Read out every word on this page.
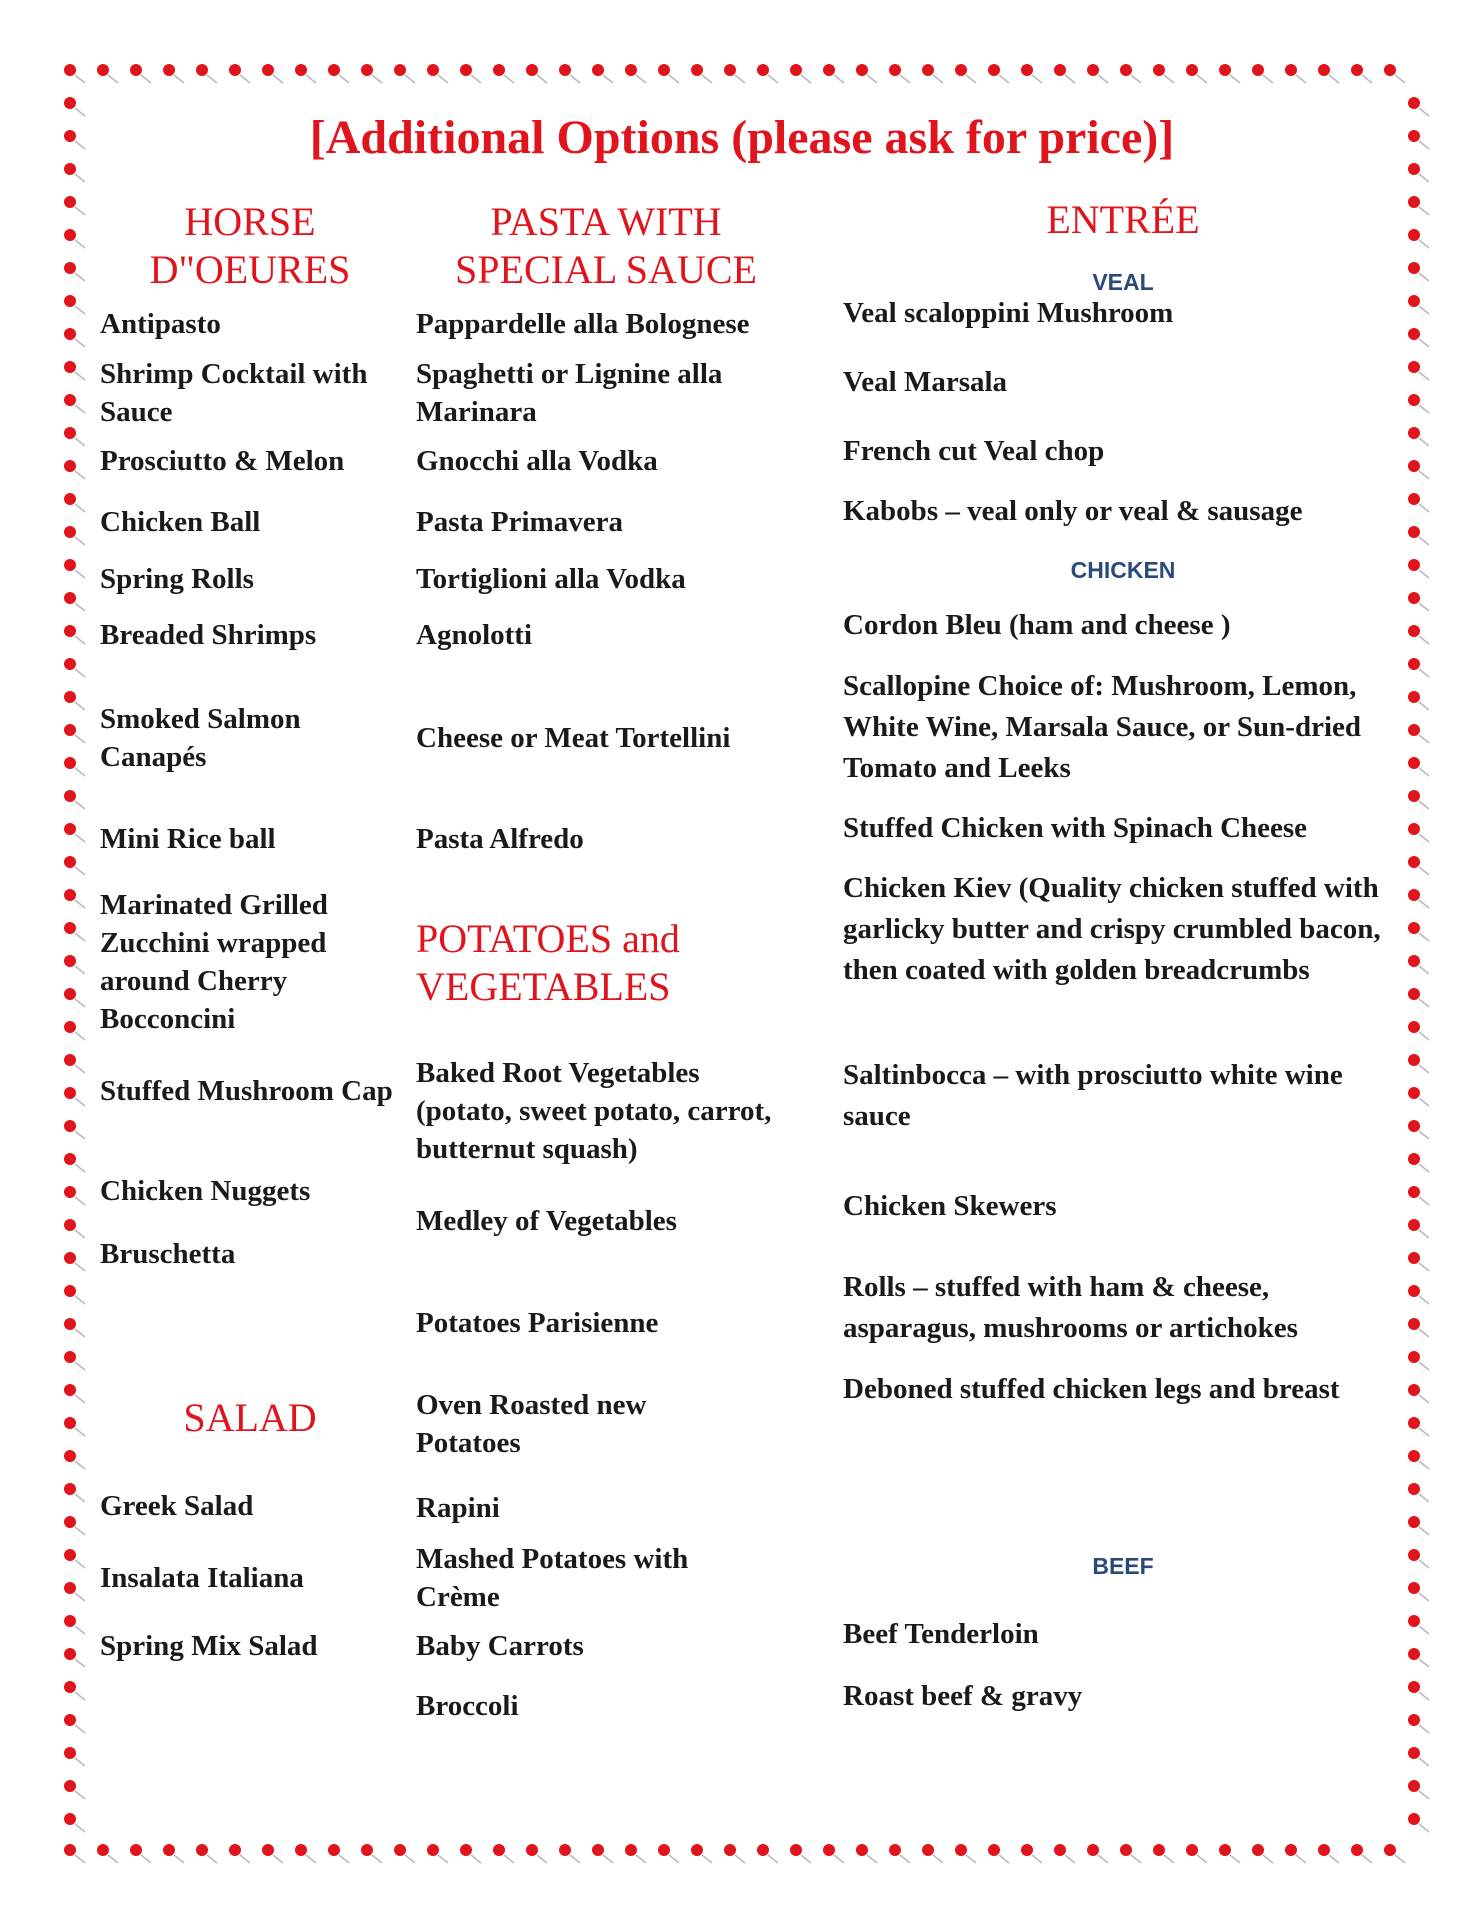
[Additional Options (please ask for price)]
HORSE D"OEURES

Antipasto

Shrimp Cocktail with Sauce

Prosciutto & Melon

Chicken Ball

Spring Rolls

Breaded Shrimps

Smoked Salmon Canapés

Mini Rice ball

Marinated Grilled Zucchini wrapped around Cherry Bocconcini

Stuffed Mushroom Cap

Chicken Nuggets

Bruschetta

SALAD

Greek Salad

Insalata Italiana

Spring Mix Salad

PASTA WITH SPECIAL SAUCE

Pappardelle alla Bolognese

Spaghetti or Lignine alla Marinara

Gnocchi alla Vodka

Pasta Primavera

Tortiglioni alla Vodka

Agnolotti

Cheese or Meat Tortellini

Pasta Alfredo

POTATOES and VEGETABLES

Baked Root Vegetables (potato, sweet potato, carrot, butternut squash)

Medley of Vegetables

Potatoes Parisienne

Oven Roasted new Potatoes

Rapini

Mashed Potatoes with Crème

Baby Carrots

Broccoli

ENTRÉE
VEAL

Veal scaloppini Mushroom

Veal Marsala

French cut Veal chop

Kabobs – veal only or veal & sausage

CHICKEN

Cordon Bleu (ham and cheese )

Scallopine Choice of: Mushroom, Lemon, White Wine, Marsala Sauce, or Sun-dried Tomato and Leeks

Stuffed Chicken with Spinach Cheese

Chicken Kiev (Quality chicken stuffed with garlicky butter and crispy crumbled bacon, then coated with golden breadcrumbs

Saltinbocca – with prosciutto white wine sauce

Chicken Skewers

Rolls – stuffed with ham & cheese, asparagus, mushrooms or artichokes

Deboned stuffed chicken legs and breast

BEEF

Beef Tenderloin

Roast beef & gravy
